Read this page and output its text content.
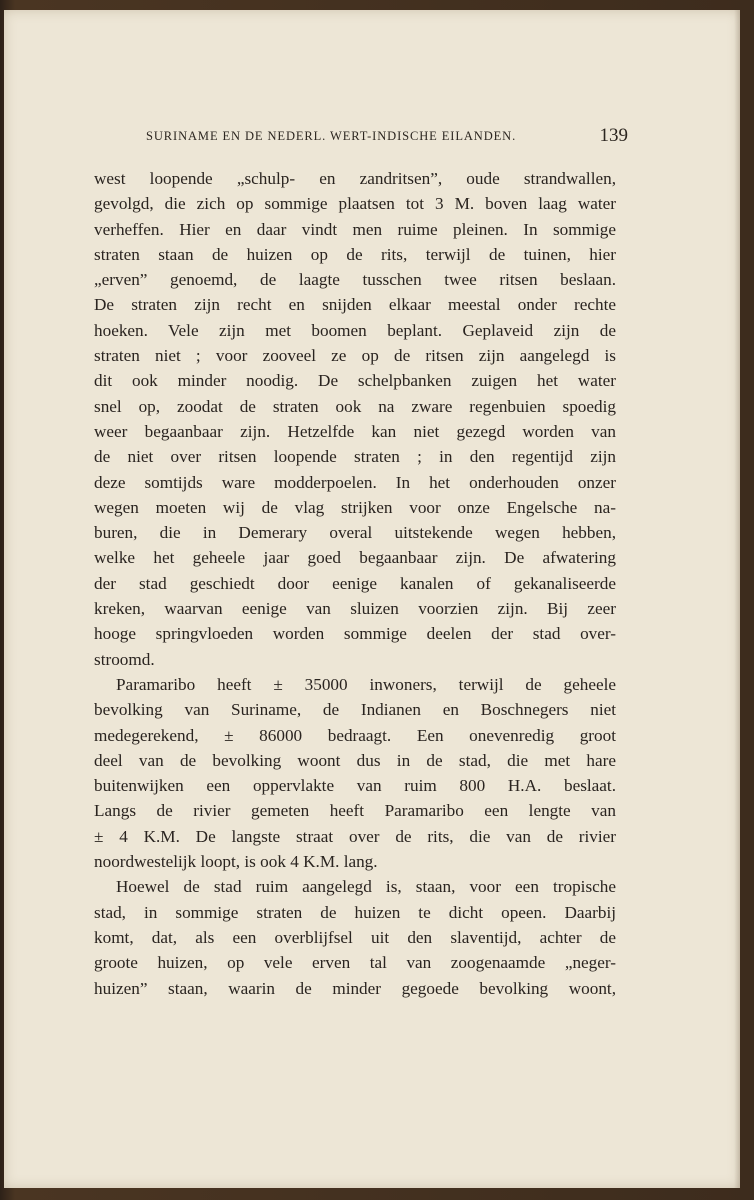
SURINAME EN DE NEDERL. WERT-INDISCHE EILANDEN.	139
west loopende „schulp- en zandritsen”, oude strandwallen,
gevolgd, die zich op sommige plaatsen tot 3 M. boven laag water
verheffen. Hier en daar vindt men ruime pleinen. In sommige
straten staan de huizen op de rits, terwijl de tuinen, hier
„erven” genoemd, de laagte tusschen twee ritsen beslaan.
De straten zijn recht en snijden elkaar meestal onder rechte
hoeken. Vele zijn met boomen beplant. Geplaveid zijn de
straten niet ; voor zooveel ze op de ritsen zijn aangelegd is
dit ook minder noodig. De schelpbanken zuigen het water
snel op, zoodat de straten ook na zware regenbuien spoedig
weer begaanbaar zijn. Hetzelfde kan niet gezegd worden van
de niet over ritsen loopende straten ; in den regentijd zijn
deze somtijds ware modderpoelen. In het onderhouden onzer
wegen moeten wij de vlag strijken voor onze Engelsche na-
buren, die in Demerary overal uitstekende wegen hebben,
welke het geheele jaar goed begaanbaar zijn. De afwatering
der stad geschiedt door eenige kanalen of gekanaliseerde
kreken, waarvan eenige van sluizen voorzien zijn. Bij zeer
hooge springvloeden worden sommige deelen der stad over-
stroomd.
Paramaribo heeft ± 35000 inwoners, terwijl de geheele
bevolking van Suriname, de Indianen en Boschnegers niet
medegerekend, ± 86000 bedraagt. Een onevenredig groot
deel van de bevolking woont dus in de stad, die met hare
buitenwijken een oppervlakte van ruim 800 H.A. beslaat.
Langs de rivier gemeten heeft Paramaribo een lengte van
± 4 K.M. De langste straat over de rits, die van de rivier
noordwestelijk loopt, is ook 4 K.M. lang.
Hoewel de stad ruim aangelegd is, staan, voor een tropische
stad, in sommige straten de huizen te dicht opeen. Daarbij
komt, dat, als een overblijfsel uit den slaventijd, achter de
groote huizen, op vele erven tal van zoogenaamde „neger-
huizen” staan, waarin de minder gegoede bevolking woont,
